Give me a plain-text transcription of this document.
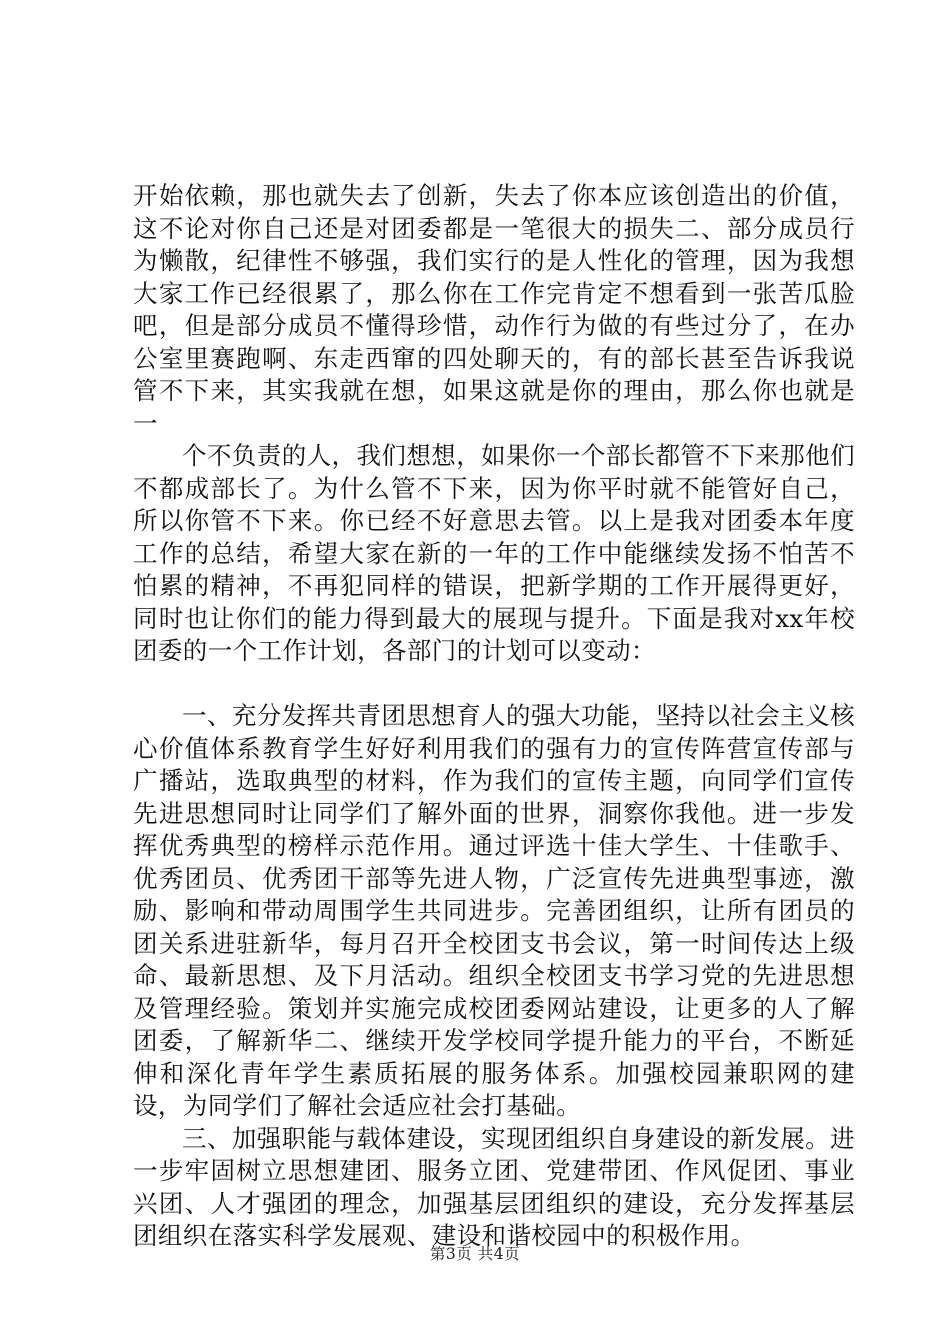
开始依赖，那也就失去了创新，失去了你本应该创造出的价值，这不论对你自己还是对团委都是一笔很大的损失二、部分成员行为懒散，纪律性不够强，我们实行的是人性化的管理，因为我想大家工作已经很累了，那么你在工作完肯定不想看到一张苦瓜脸吧，但是部分成员不懂得珍惜，动作行为做的有些过分了，在办公室里赛跑啊、东走西窜的四处聊天的，有的部长甚至告诉我说管不下来，其实我就在想，如果这就是你的理由，那么你也就是一

个不负责的人，我们想想，如果你一个部长都管不下来那他们不都成部长了。为什么管不下来，因为你平时就不能管好自己，所以你管不下来。你已经不好意思去管。以上是我对团委本年度工作的总结，希望大家在新的一年的工作中能继续发扬不怕苦不怕累的精神，不再犯同样的错误，把新学期的工作开展得更好，同时也让你们的能力得到最大的展现与提升。下面是我对xx年校团委的一个工作计划，各部门的计划可以变动：

一、充分发挥共青团思想育人的强大功能，坚持以社会主义核心价值体系教育学生好好利用我们的强有力的宣传阵营宣传部与广播站，选取典型的材料，作为我们的宣传主题，向同学们宣传先进思想同时让同学们了解外面的世界，洞察你我他。进一步发挥优秀典型的榜样示范作用。通过评选十佳大学生、十佳歌手、优秀团员、优秀团干部等先进人物，广泛宣传先进典型事迹，激励、影响和带动周围学生共同进步。完善团组织，让所有团员的团关系进驻新华，每月召开全校团支书会议，第一时间传达上级命、最新思想、及下月活动。组织全校团支书学习党的先进思想及管理经验。策划并实施完成校团委网站建设，让更多的人了解团委，了解新华二、继续开发学校同学提升能力的平台，不断延伸和深化青年学生素质拓展的服务体系。加强校园兼职网的建设，为同学们了解社会适应社会打基础。

三、加强职能与载体建设，实现团组织自身建设的新发展。进一步牢固树立思想建团、服务立团、党建带团、作风促团、事业兴团、人才强团的理念，加强基层团组织的建设，充分发挥基层团组织在落实科学发展观、建设和谐校园中的积极作用。

第3页 共4页
